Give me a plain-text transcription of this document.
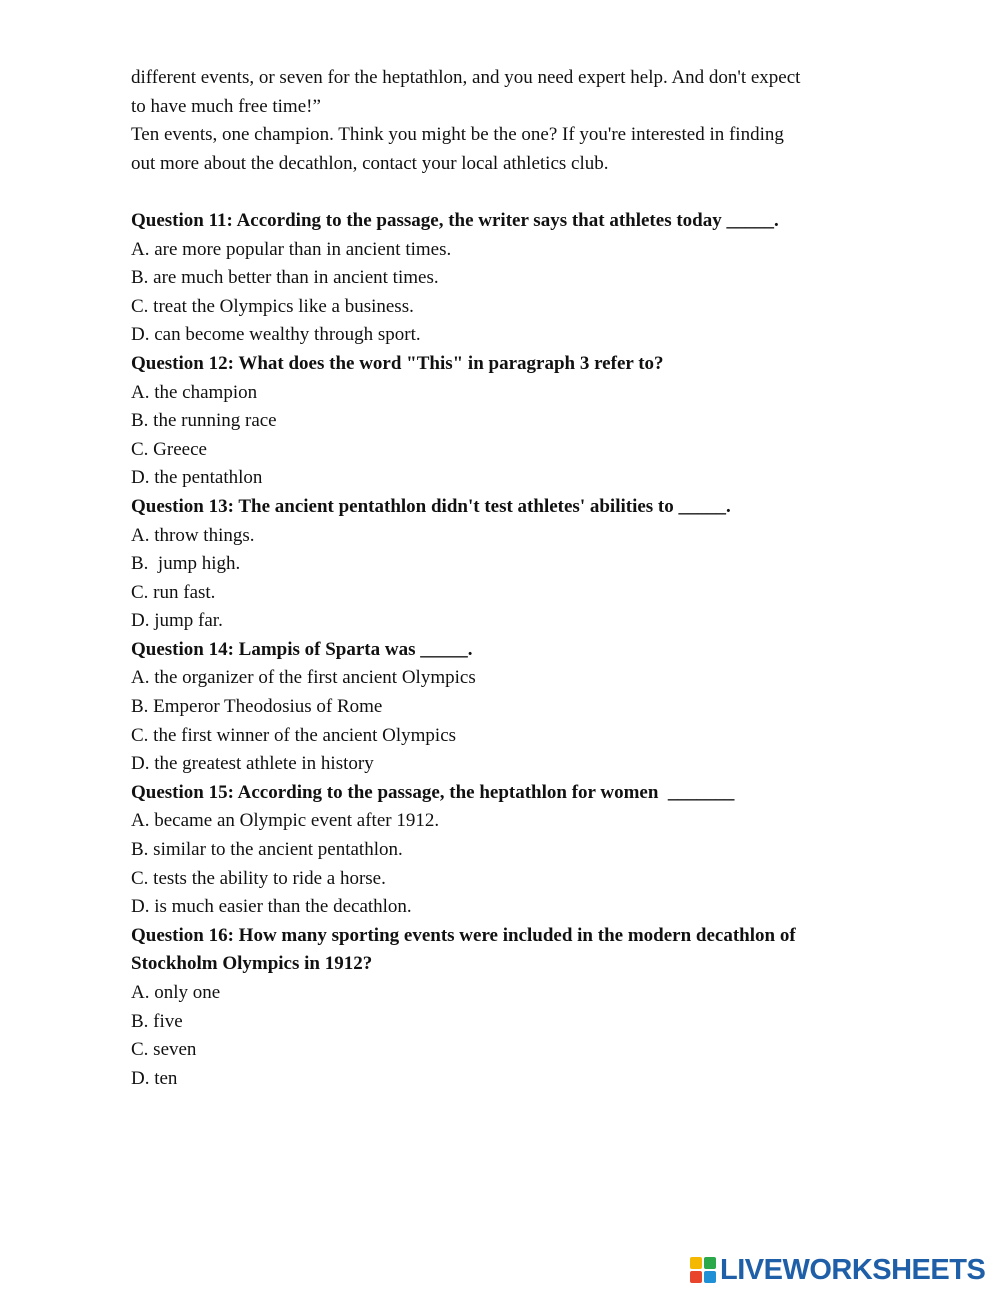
different events, or seven for the heptathlon, and you need expert help. And don't expect

to have much free time!”

Ten events, one champion. Think you might be the one? If you're interested in finding

out more about the decathlon, contact your local athletics club.

Question 11: According to the passage, the writer says that athletes today _____.

A. are more popular than in ancient times.

B. are much better than in ancient times.

C. treat the Olympics like a business.

D. can become wealthy through sport.

Question 12: What does the word "This" in paragraph 3 refer to?

A. the champion

B. the running race

C. Greece

D. the pentathlon

Question 13: The ancient pentathlon didn't test athletes' abilities to _____.

A. throw things.

B.  jump high.

C. run fast.

D. jump far.

Question 14: Lampis of Sparta was _____.

A. the organizer of the first ancient Olympics

B. Emperor Theodosius of Rome

C. the first winner of the ancient Olympics

D. the greatest athlete in history

Question 15: According to the passage, the heptathlon for women  _______

A. became an Olympic event after 1912.

B. similar to the ancient pentathlon.

C. tests the ability to ride a horse.

D. is much easier than the decathlon.

Question 16: How many sporting events were included in the modern decathlon of

Stockholm Olympics in 1912?

A. only one

B. five

C. seven

D. ten

LIVEWORKSHEETS
